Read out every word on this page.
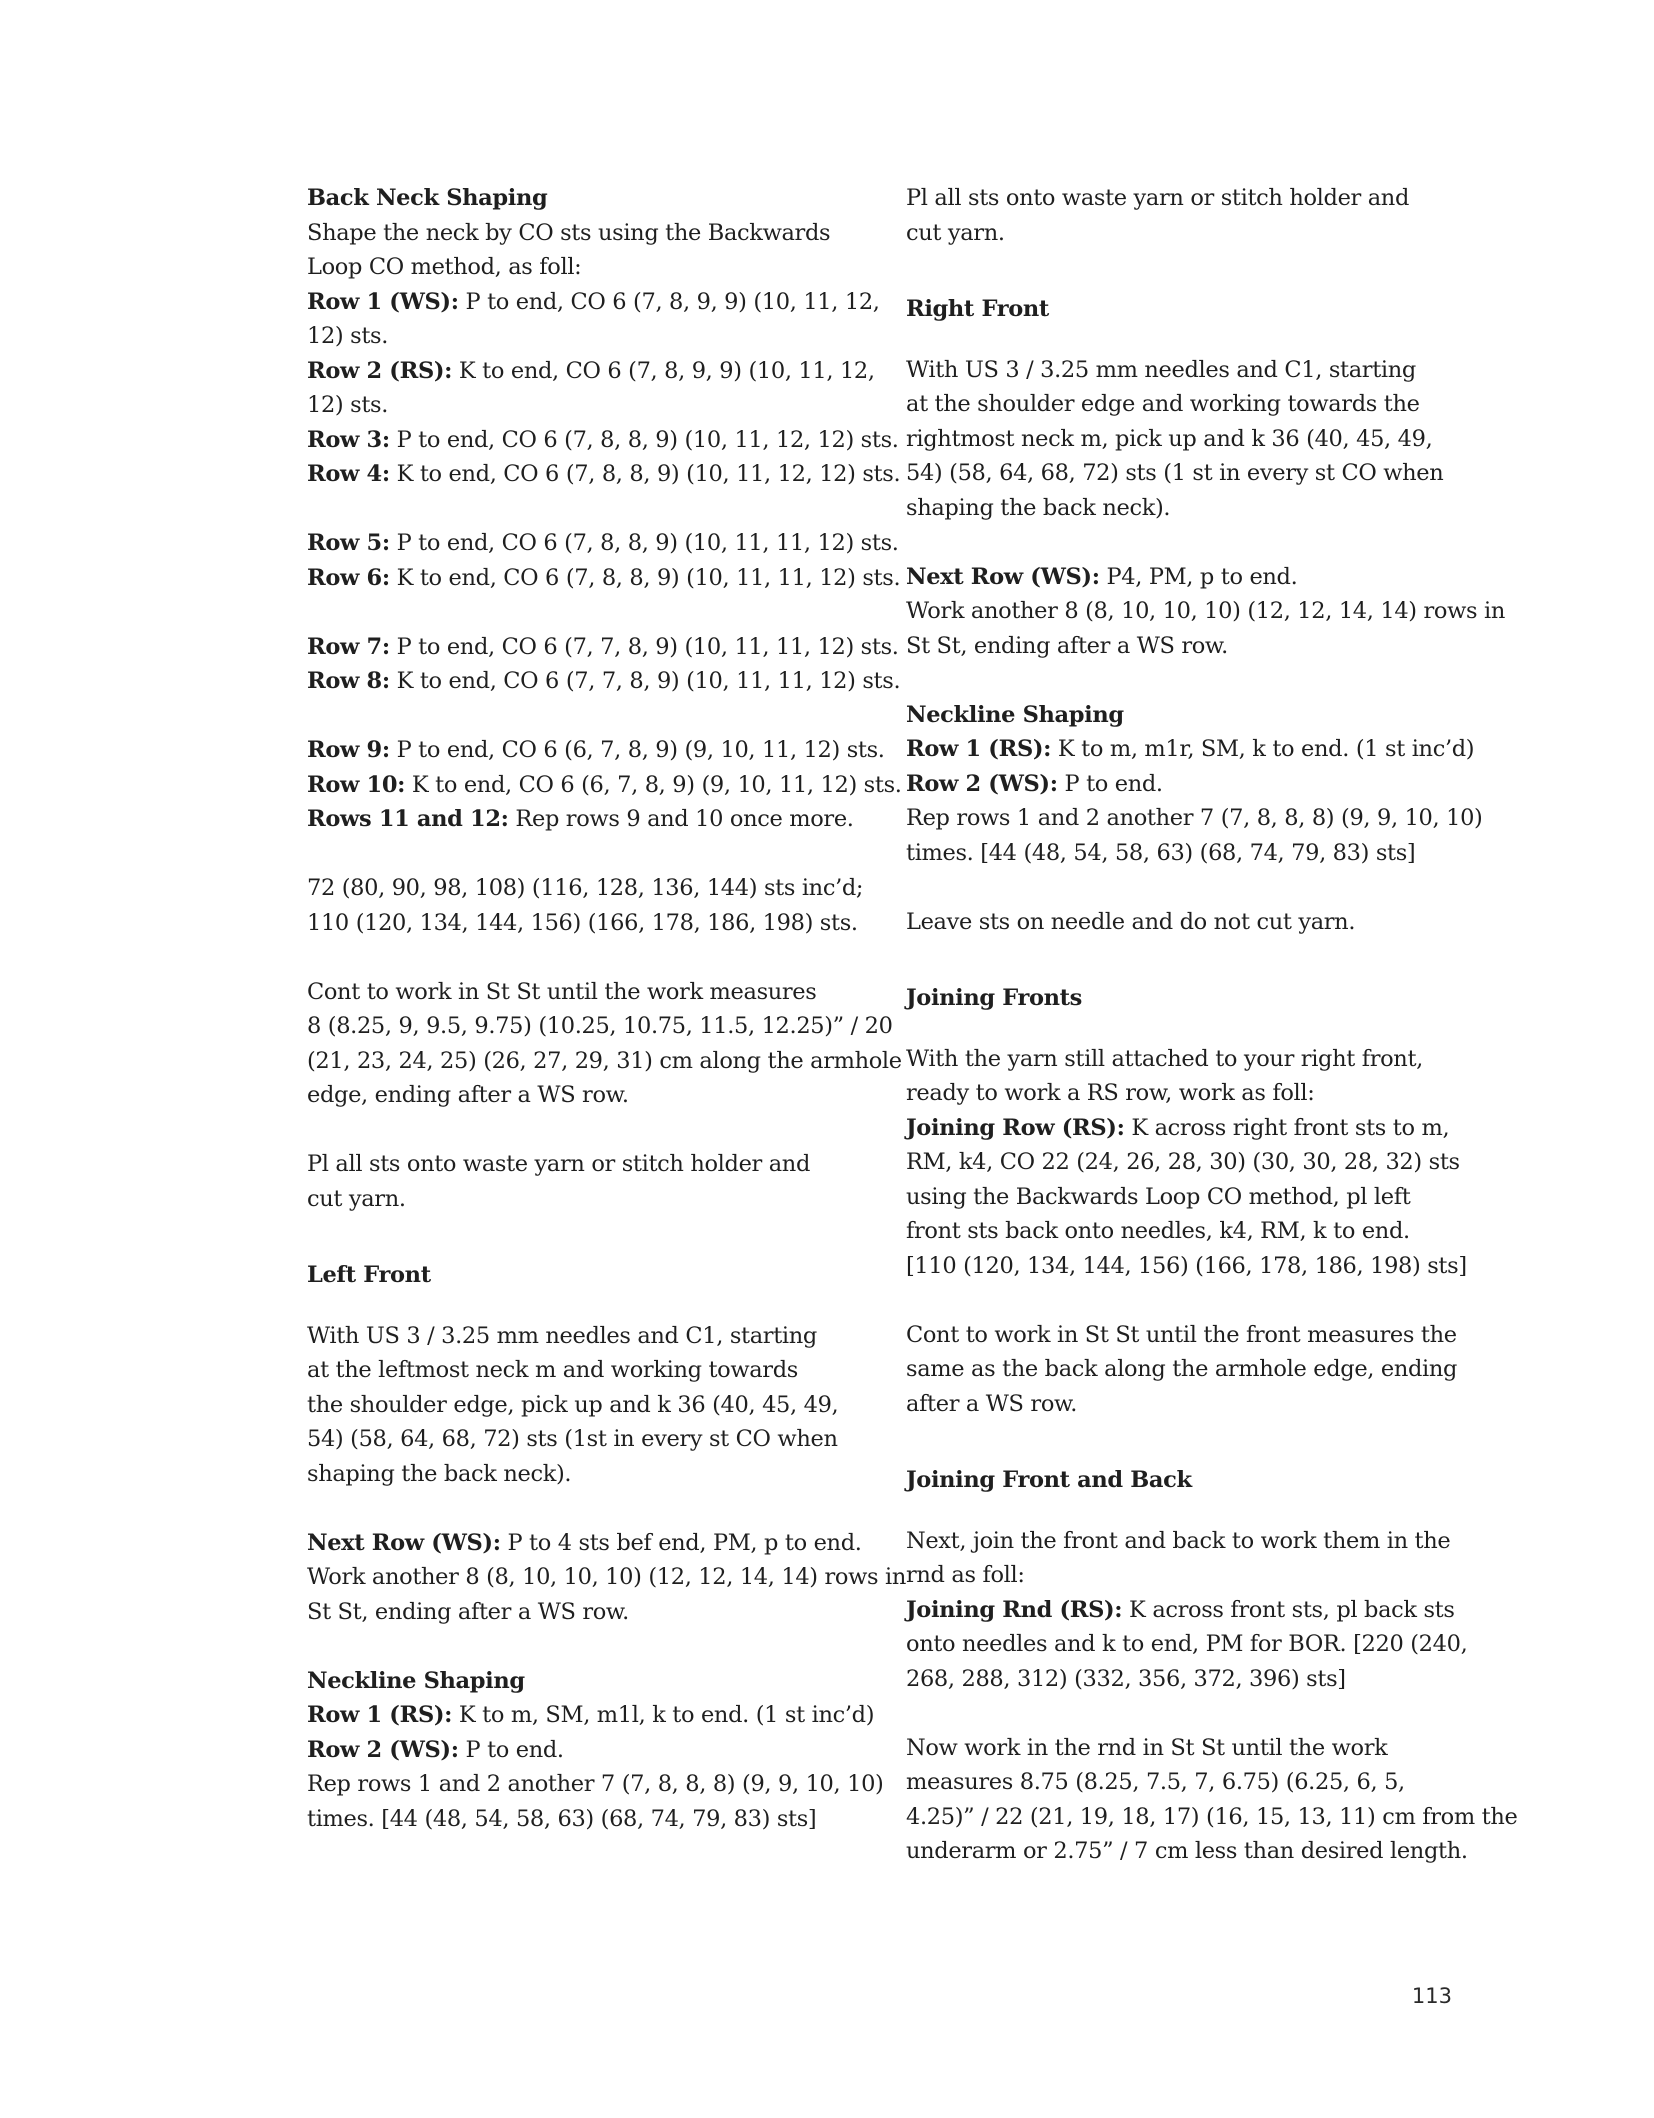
Back Neck Shaping
Shape the neck by CO sts using the Backwards
Loop CO method, as foll:
Row 1 (WS): P to end, CO 6 (7, 8, 9, 9) (10, 11, 12,
12) sts.
Row 2 (RS): K to end, CO 6 (7, 8, 9, 9) (10, 11, 12,
12) sts.
Row 3: P to end, CO 6 (7, 8, 8, 9) (10, 11, 12, 12) sts.
Row 4: K to end, CO 6 (7, 8, 8, 9) (10, 11, 12, 12) sts.
Row 5: P to end, CO 6 (7, 8, 8, 9) (10, 11, 11, 12) sts.
Row 6: K to end, CO 6 (7, 8, 8, 9) (10, 11, 11, 12) sts.
Row 7: P to end, CO 6 (7, 7, 8, 9) (10, 11, 11, 12) sts.
Row 8: K to end, CO 6 (7, 7, 8, 9) (10, 11, 11, 12) sts.
Row 9: P to end, CO 6 (6, 7, 8, 9) (9, 10, 11, 12) sts.
Row 10: K to end, CO 6 (6, 7, 8, 9) (9, 10, 11, 12) sts.
Rows 11 and 12: Rep rows 9 and 10 once more.
72 (80, 90, 98, 108) (116, 128, 136, 144) sts inc’d;
110 (120, 134, 144, 156) (166, 178, 186, 198) sts.
Cont to work in St St until the work measures
8 (8.25, 9, 9.5, 9.75) (10.25, 10.75, 11.5, 12.25)” / 20
(21, 23, 24, 25) (26, 27, 29, 31) cm along the armhole
edge, ending after a WS row.
Pl all sts onto waste yarn or stitch holder and
cut yarn.
Left Front
With US 3 / 3.25 mm needles and C1, starting
at the leftmost neck m and working towards
the shoulder edge, pick up and k 36 (40, 45, 49,
54) (58, 64, 68, 72) sts (1st in every st CO when
shaping the back neck).
Next Row (WS): P to 4 sts bef end, PM, p to end.
Work another 8 (8, 10, 10, 10) (12, 12, 14, 14) rows in
St St, ending after a WS row.
Neckline Shaping
Row 1 (RS): K to m, SM, m1l, k to end. (1 st inc’d)
Row 2 (WS): P to end.
Rep rows 1 and 2 another 7 (7, 8, 8, 8) (9, 9, 10, 10)
times. [44 (48, 54, 58, 63) (68, 74, 79, 83) sts]
Pl all sts onto waste yarn or stitch holder and
cut yarn.
Right Front
With US 3 / 3.25 mm needles and C1, starting
at the shoulder edge and working towards the
rightmost neck m, pick up and k 36 (40, 45, 49,
54) (58, 64, 68, 72) sts (1 st in every st CO when
shaping the back neck).
Next Row (WS): P4, PM, p to end.
Work another 8 (8, 10, 10, 10) (12, 12, 14, 14) rows in
St St, ending after a WS row.
Neckline Shaping
Row 1 (RS): K to m, m1r, SM, k to end. (1 st inc’d)
Row 2 (WS): P to end.
Rep rows 1 and 2 another 7 (7, 8, 8, 8) (9, 9, 10, 10)
times. [44 (48, 54, 58, 63) (68, 74, 79, 83) sts]
Leave sts on needle and do not cut yarn.
Joining Fronts
With the yarn still attached to your right front,
ready to work a RS row, work as foll:
Joining Row (RS): K across right front sts to m,
RM, k4, CO 22 (24, 26, 28, 30) (30, 30, 28, 32) sts
using the Backwards Loop CO method, pl left
front sts back onto needles, k4, RM, k to end.
[110 (120, 134, 144, 156) (166, 178, 186, 198) sts]
Cont to work in St St until the front measures the
same as the back along the armhole edge, ending
after a WS row.
Joining Front and Back
Next, join the front and back to work them in the
rnd as foll:
Joining Rnd (RS): K across front sts, pl back sts
onto needles and k to end, PM for BOR. [220 (240,
268, 288, 312) (332, 356, 372, 396) sts]
Now work in the rnd in St St until the work
measures 8.75 (8.25, 7.5, 7, 6.75) (6.25, 6, 5,
4.25)” / 22 (21, 19, 18, 17) (16, 15, 13, 11) cm from the
underarm or 2.75” / 7 cm less than desired length.
113
